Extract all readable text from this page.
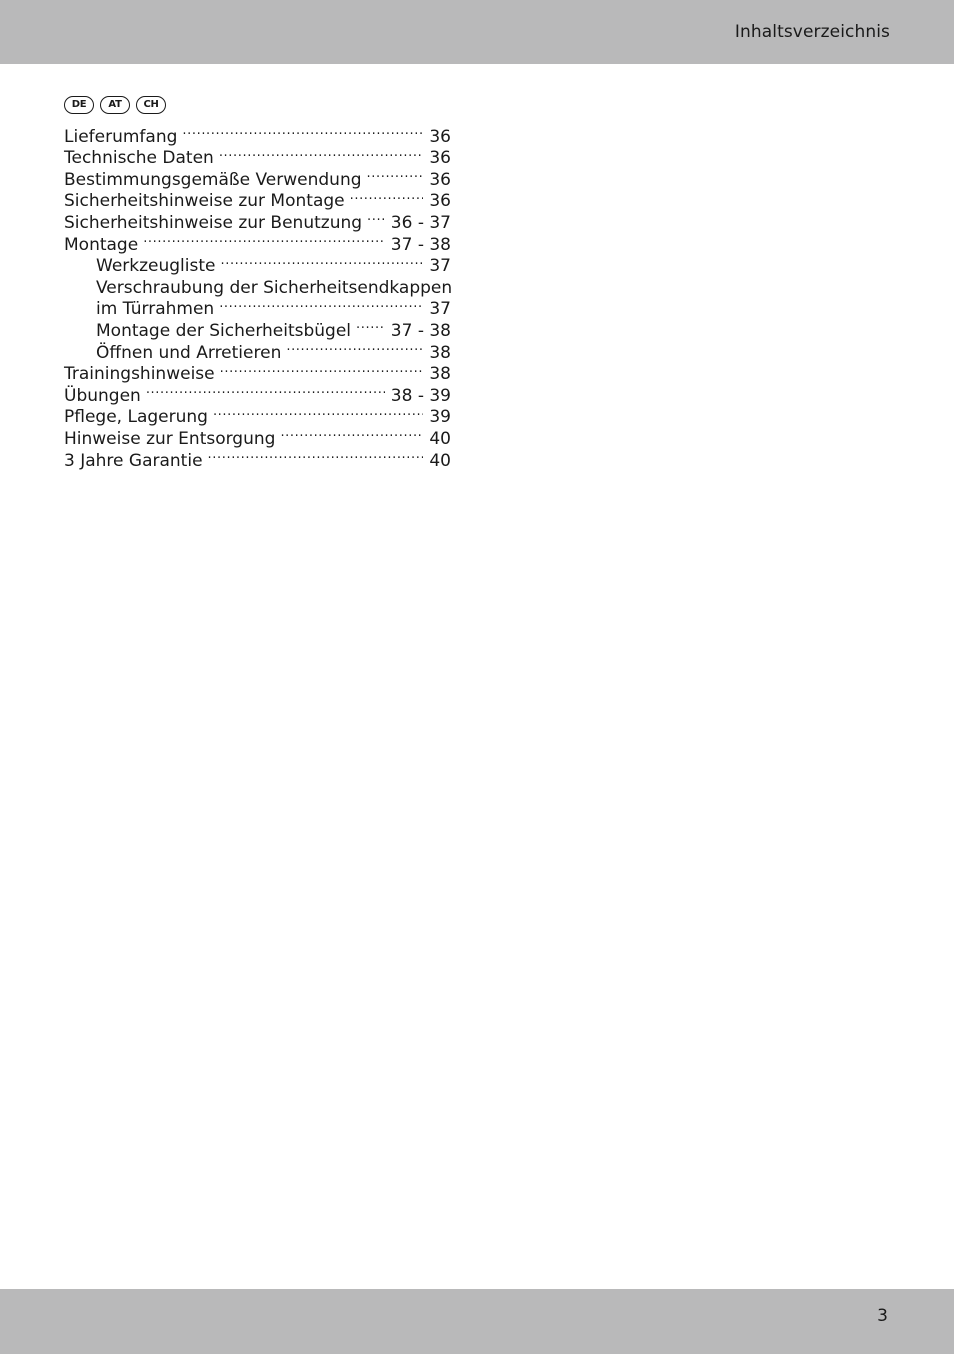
Inhaltsverzeichnis
DE	AT	CH
Lieferumfang .....	36
Technische Daten .....	36
Bestimmungsgemäße Verwendung .....	36
Sicherheitshinweise zur Montage .....	36
Sicherheitshinweise zur Benutzung .....	36 - 37
Montage .....	37 - 38
Werkzeugliste .....	37
Verschraubung der Sicherheitsendkappen
im Türrahmen .....	37
Montage der Sicherheitsbügel .....	37 - 38
Öffnen und Arretieren .....	38
Trainingshinweise .....	38
Übungen .....	38 - 39
Pflege, Lagerung .....	39
Hinweise zur Entsorgung .....	40
3 Jahre Garantie .....	40
3
